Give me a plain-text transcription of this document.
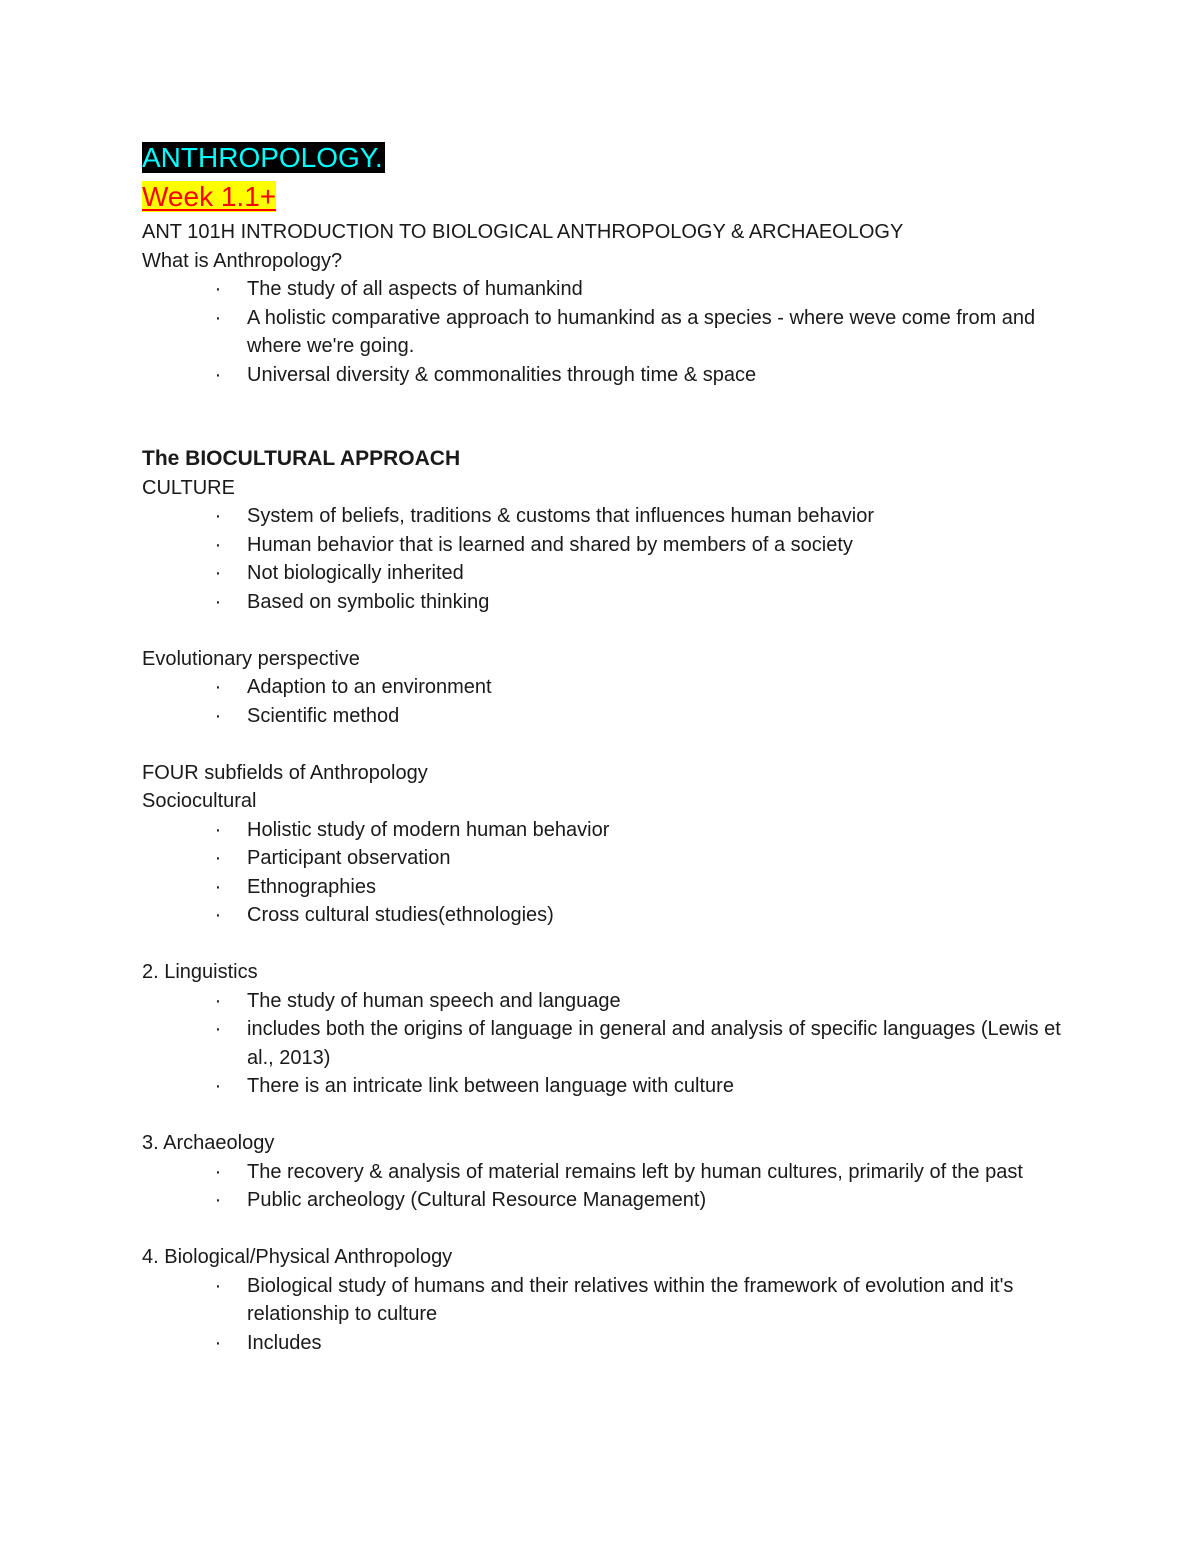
ANTHROPOLOGY.
Week 1.1+
ANT 101H INTRODUCTION TO BIOLOGICAL ANTHROPOLOGY & ARCHAEOLOGY
What is Anthropology?
· The study of all aspects of humankind
· A holistic comparative approach to humankind as a species - where weve come from and where we're going.
· Universal diversity & commonalities through time & space
The BIOCULTURAL APPROACH
CULTURE
· System of beliefs, traditions & customs that influences human behavior
· Human behavior that is learned and shared by members of a society
· Not biologically inherited
· Based on symbolic thinking
Evolutionary perspective
· Adaption to an environment
· Scientific method
FOUR subfields of Anthropology
Sociocultural
· Holistic study of modern human behavior
· Participant observation
· Ethnographies
· Cross cultural studies(ethnologies)
2. Linguistics
· The study of human speech and language
· includes both the origins of language in general and analysis of specific languages (Lewis et al., 2013)
· There is an intricate link between language with culture
3. Archaeology
· The recovery & analysis of material remains left by human cultures, primarily of the past
· Public archeology (Cultural Resource Management)
4. Biological/Physical Anthropology
· Biological study of humans and their relatives within the framework of evolution and it's relationship to culture
· Includes
